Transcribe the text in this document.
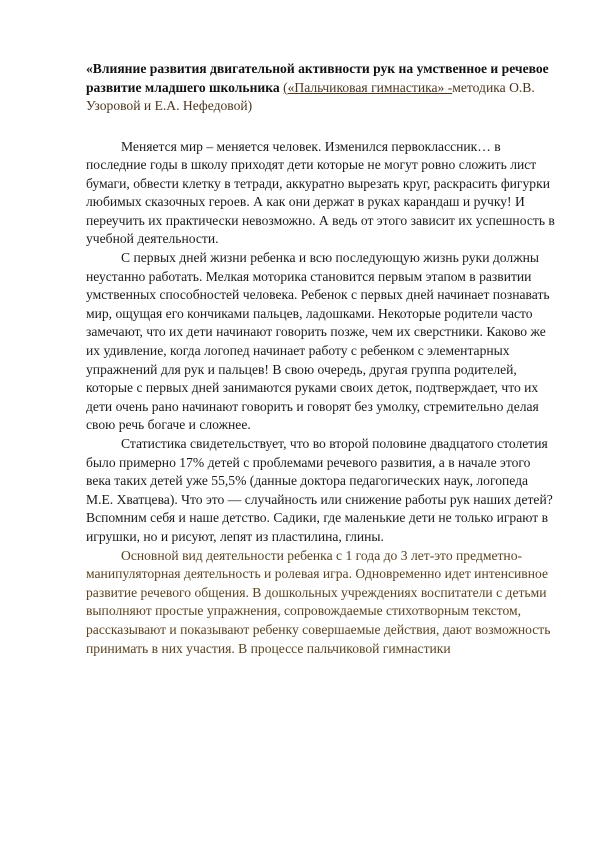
«Влияние развития двигательной активности рук на умственное и речевое развитие младшего школьника («Пальчиковая гимнастика» -методика О.В. Узоровой и Е.А. Нефедовой)

Меняется мир – меняется человек. Изменился первоклассник… в последние годы в школу приходят дети которые не могут ровно сложить лист бумаги, обвести клетку в тетради, аккуратно вырезать круг, раскрасить фигурки любимых сказочных героев. А как они держат в руках карандаш и ручку! И переучить их практически невозможно. А ведь от этого зависит их успешность в учебной деятельности.

С первых дней жизни ребенка и всю последующую жизнь руки должны неустанно работать. Мелкая моторика становится первым этапом в развитии умственных способностей человека. Ребенок с первых дней начинает познавать мир, ощущая его кончиками пальцев, ладошками. Некоторые родители часто замечают, что их дети начинают говорить позже, чем их сверстники. Каково же их удивление, когда логопед начинает работу с ребенком с элементарных упражнений для рук и пальцев! В свою очередь, другая группа родителей, которые с первых дней занимаются руками своих деток, подтверждает, что их дети очень рано начинают говорить и говорят без умолку, стремительно делая свою речь богаче и сложнее.

Статистика свидетельствует, что во второй половине двадцатого столетия было примерно 17% детей с проблемами речевого развития, а в начале этого века таких детей уже 55,5% (данные доктора педагогических наук, логопеда М.Е. Хватцева). Что это — случайность или снижение работы рук наших детей? Вспомним себя и наше детство. Садики, где маленькие дети не только играют в игрушки, но и рисуют, лепят из пластилина, глины.

Основной вид деятельности ребенка с 1 года до 3 лет-это предметно-манипуляторная деятельность и ролевая игра. Одновременно идет интенсивное развитие речевого общения. В дошкольных учреждениях воспитатели с детьми выполняют простые упражнения, сопровождаемые стихотворным текстом, рассказывают и показывают ребенку совершаемые действия, дают возможность принимать в них участия. В процессе пальчиковой гимнастики
